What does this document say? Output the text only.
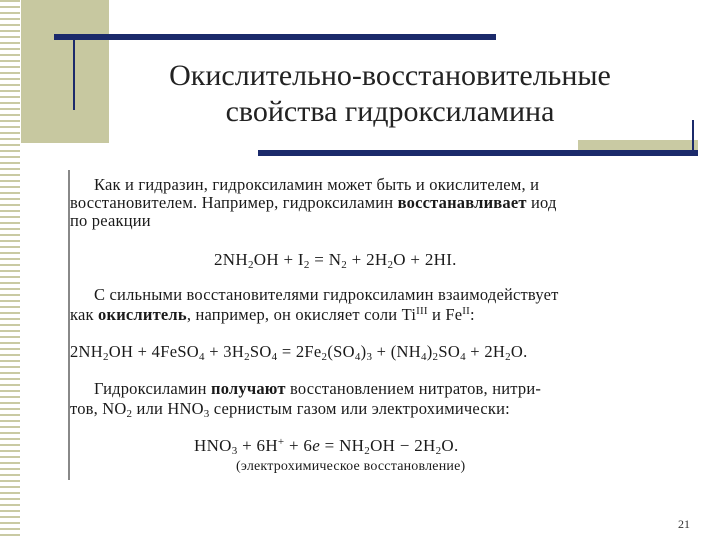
Окислительно-восстановительные
свойства гидроксиламина
Как и гидразин, гидроксиламин может быть и окислителем, и
восстановителем. Например, гидроксиламин восстанавливает иод
по реакции
$2NH_2OH + I_2 = N_2 + 2H_2O + 2HI$.
С сильными восстановителями гидроксиламин взаимодействует
как окислитель, например, он окисляет соли $Ti^{III}$ и $Fe^{II}$:
$2NH_2OH$ + 4FeSO$_4$ + $3H_2SO_4 = 2Fe_2(SO_4)_3 + (NH_4)_2SO_4 + 2H_2O$.
Гидроксиламин получают восстановлением нитратов, нитри-
тов, $NO_2$ или $HNO_3$ сернистым газом или электрохимически:
$HNO_3 + 6H^+ + 6e = NH_2OH - 2H_2O$.
(электрохимическое восстановление)
21
